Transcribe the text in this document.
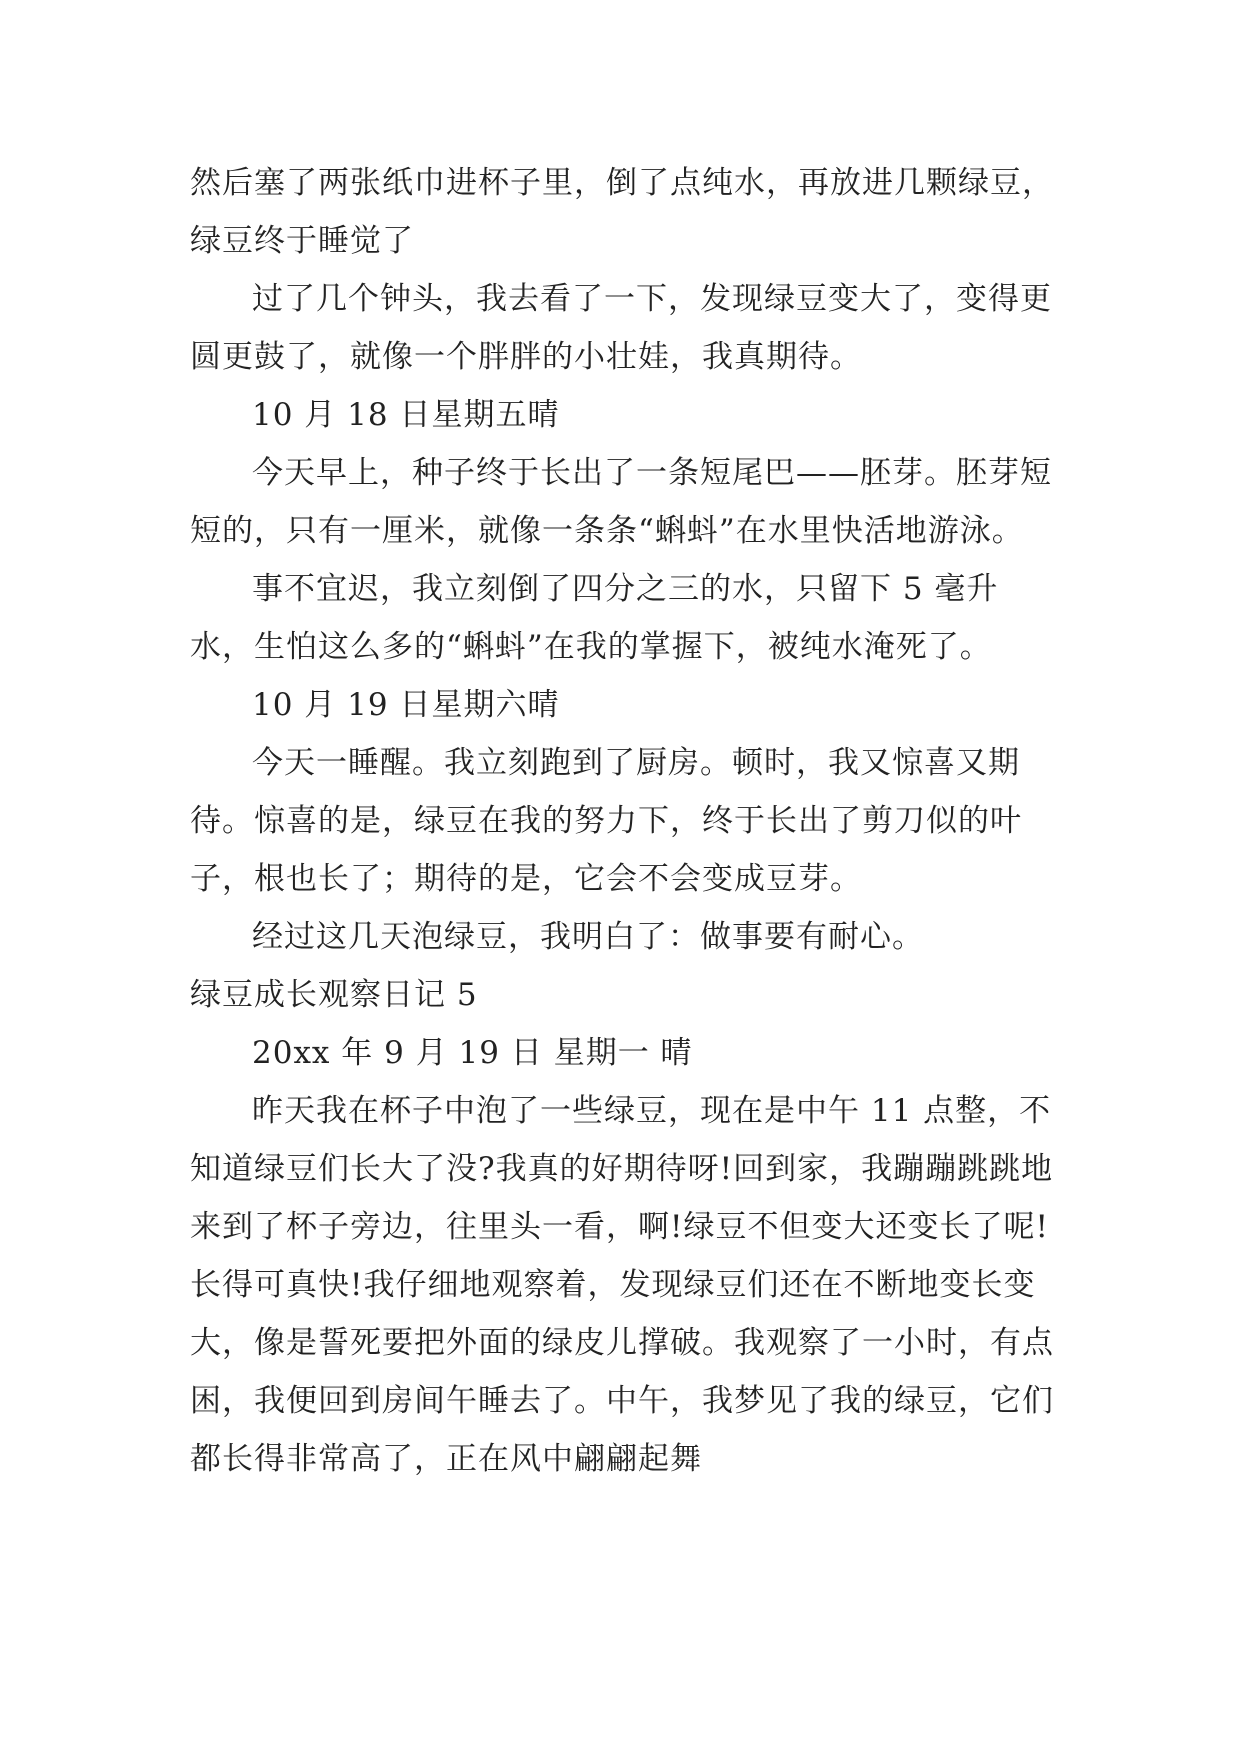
然后塞了两张纸巾进杯子里，倒了点纯水，再放进几颗绿豆，绿豆终于睡觉了

过了几个钟头，我去看了一下，发现绿豆变大了，变得更圆更鼓了，就像一个胖胖的小壮娃，我真期待。

10 月 18 日星期五晴

今天早上，种子终于长出了一条短尾巴——胚芽。胚芽短短的，只有一厘米，就像一条条“蝌蚪”在水里快活地游泳。

事不宜迟，我立刻倒了四分之三的水，只留下 5 毫升水，生怕这么多的“蝌蚪”在我的掌握下，被纯水淹死了。

10 月 19 日星期六晴

今天一睡醒。我立刻跑到了厨房。顿时，我又惊喜又期待。惊喜的是，绿豆在我的努力下，终于长出了剪刀似的叶子，根也长了；期待的是，它会不会变成豆芽。

经过这几天泡绿豆，我明白了：做事要有耐心。

绿豆成长观察日记 5

20xx 年 9 月 19 日 星期一 晴

昨天我在杯子中泡了一些绿豆，现在是中午 11 点整，不知道绿豆们长大了没?我真的好期待呀!回到家，我蹦蹦跳跳地来到了杯子旁边，往里头一看，啊!绿豆不但变大还变长了呢!长得可真快!我仔细地观察着，发现绿豆们还在不断地变长变大，像是誓死要把外面的绿皮儿撑破。我观察了一小时，有点困，我便回到房间午睡去了。中午，我梦见了我的绿豆，它们都长得非常高了，正在风中翩翩起舞
